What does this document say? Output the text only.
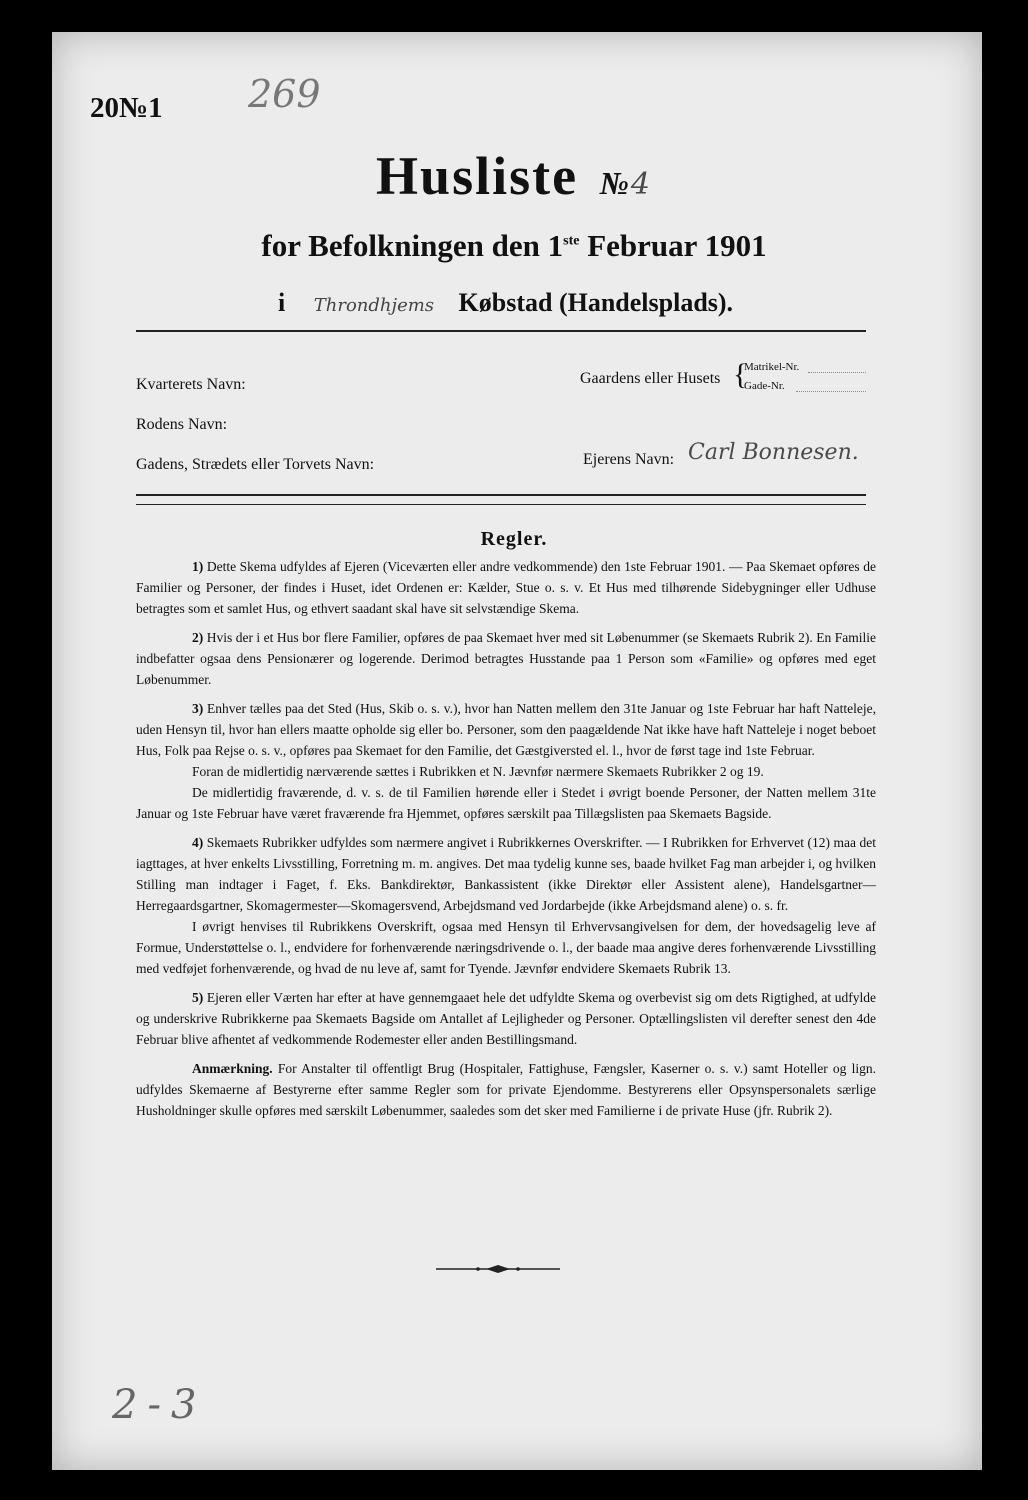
20№1 269
Husliste №4
for Befolkningen den 1ste Februar 1901
i Throndhjems Købstad (Handelsplads).
Kvarterets Navn:
Rodens Navn:
Gadens, Strædets eller Torvets Navn:
Gaardens eller Husets {
Matrikel-Nr.
Gade-Nr.
Ejerens Navn: Carl Bonnesen.
Regler.

1) Dette Skema udfyldes af Ejeren (Viceværten eller andre vedkommende) den 1ste Februar 1901. — Paa Skemaet opføres de Familier og Personer, der findes i Huset, idet Ordenen er: Kælder, Stue o. s. v. Et Hus med tilhørende Sidebygninger eller Udhuse betragtes som et samlet Hus, og ethvert saadant skal have sit selvstændige Skema.

2) Hvis der i et Hus bor flere Familier, opføres de paa Skemaet hver med sit Løbenummer (se Skemaets Rubrik 2). En Familie indbefatter ogsaa dens Pensionærer og logerende. Derimod betragtes Husstande paa 1 Person som «Familie» og opføres med eget Løbenummer.

3) Enhver tælles paa det Sted (Hus, Skib o. s. v.), hvor han Natten mellem den 31te Januar og 1ste Februar har haft Natteleje, uden Hensyn til, hvor han ellers maatte opholde sig eller bo. Personer, som den paagældende Nat ikke have haft Natteleje i noget beboet Hus, Folk paa Rejse o. s. v., opføres paa Skemaet for den Familie, det Gæstgiversted el. l., hvor de først tage ind 1ste Februar.

Foran de midlertidig nærværende sættes i Rubrikken et N. Jævnfør nærmere Skemaets Rubrikker 2 og 19.

De midlertidig fraværende, d. v. s. de til Familien hørende eller i Stedet i øvrigt boende Personer, der Natten mellem 31te Januar og 1ste Februar have været fraværende fra Hjemmet, opføres særskilt paa Tillægslisten paa Skemaets Bagside.

4) Skemaets Rubrikker udfyldes som nærmere angivet i Rubrikkernes Overskrifter. — I Rubrikken for Erhvervet (12) maa det iagttages, at hver enkelts Livsstilling, Forretning m. m. angives. Det maa tydelig kunne ses, baade hvilket Fag man arbejder i, og hvilken Stilling man indtager i Faget, f. Eks. Bankdirektør, Bankassistent (ikke Direktør eller Assistent alene), Handelsgartner—Herregaardsgartner, Skomagermester—Skomagersvend, Arbejdsmand ved Jordarbejde (ikke Arbejdsmand alene) o. s. fr.

I øvrigt henvises til Rubrikkens Overskrift, ogsaa med Hensyn til Erhvervsangivelsen for dem, der hovedsagelig leve af Formue, Understøttelse o. l., endvidere for forhenværende næringsdrivende o. l., der baade maa angive deres forhenværende Livsstilling med vedføjet forhenværende, og hvad de nu leve af, samt for Tyende. Jævnfør endvidere Skemaets Rubrik 13.

5) Ejeren eller Værten har efter at have gennemgaaet hele det udfyldte Skema og overbevist sig om dets Rigtighed, at udfylde og underskrive Rubrikkerne paa Skemaets Bagside om Antallet af Lejligheder og Personer. Optællingslisten vil derefter senest den 4de Februar blive afhentet af vedkommende Rodemester eller anden Bestillingsmand.

Anmærkning. For Anstalter til offentligt Brug (Hospitaler, Fattighuse, Fængsler, Kaserner o. s. v.) samt Hoteller og lign. udfyldes Skemaerne af Bestyrerne efter samme Regler som for private Ejendomme. Bestyrerens eller Opsynspersonalets særlige Husholdninger skulle opføres med særskilt Løbenummer, saaledes som det sker med Familierne i de private Huse (jfr. Rubrik 2).

2-3
